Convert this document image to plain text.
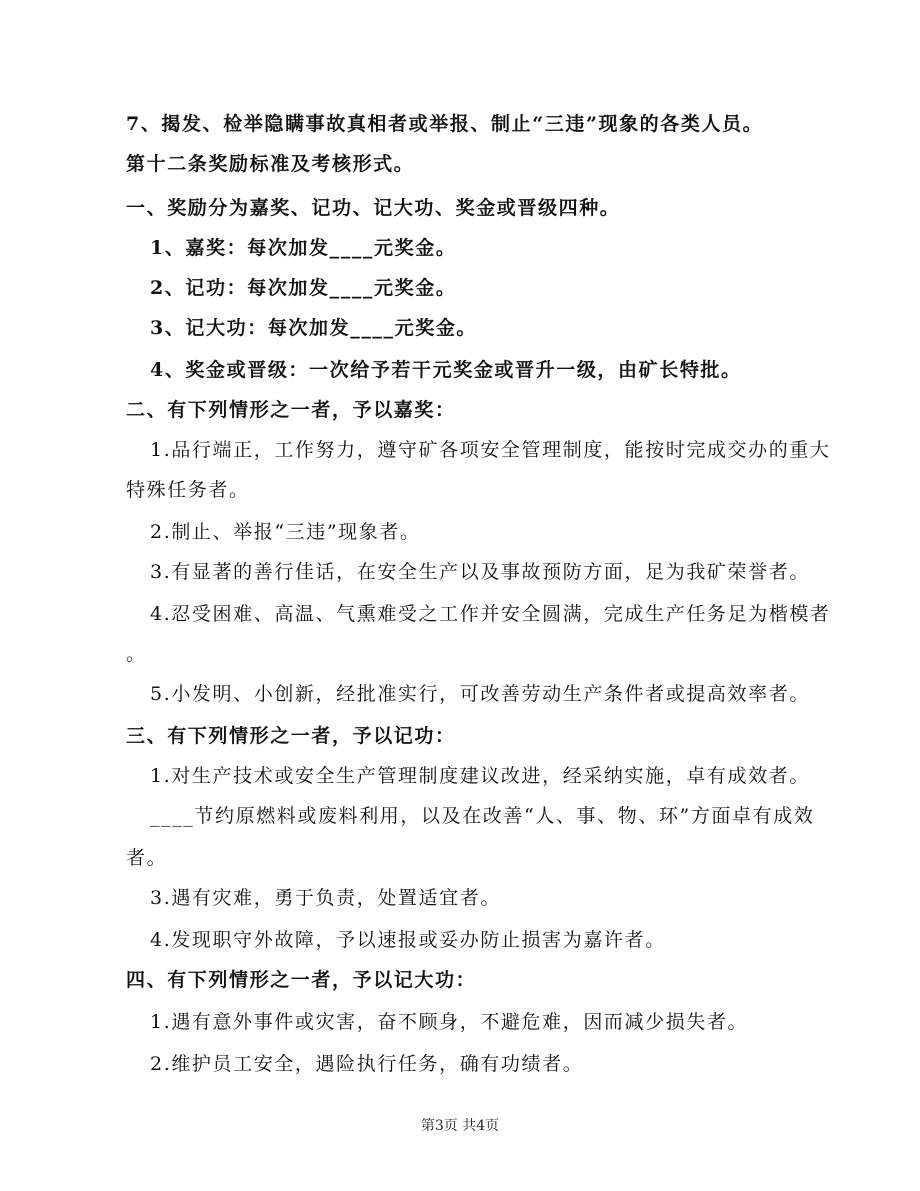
7、揭发、检举隐瞒事故真相者或举报、制止“三违”现象的各类人员。
第十二条奖励标准及考核形式。
一、奖励分为嘉奖、记功、记大功、奖金或晋级四种。
1、嘉奖：每次加发____元奖金。
2、记功：每次加发____元奖金。
3、记大功：每次加发____元奖金。
4、奖金或晋级：一次给予若干元奖金或晋升一级，由矿长特批。
二、有下列情形之一者，予以嘉奖：
1.品行端正，工作努力，遵守矿各项安全管理制度，能按时完成交办的重大
特殊任务者。
2.制止、举报“三违”现象者。
3.有显著的善行佳话，在安全生产以及事故预防方面，足为我矿荣誉者。
4.忍受困难、高温、气熏难受之工作并安全圆满，完成生产任务足为楷模者
。
5.小发明、小创新，经批准实行，可改善劳动生产条件者或提高效率者。
三、有下列情形之一者，予以记功：
1.对生产技术或安全生产管理制度建议改进，经采纳实施，卓有成效者。
____节约原燃料或废料利用，以及在改善“人、事、物、环”方面卓有成效
者。
3.遇有灾难，勇于负责，处置适宜者。
4.发现职守外故障，予以速报或妥办防止损害为嘉许者。
四、有下列情形之一者，予以记大功：
1.遇有意外事件或灾害，奋不顾身，不避危难，因而减少损失者。
2.维护员工安全，遇险执行任务，确有功绩者。
第3页 共4页
